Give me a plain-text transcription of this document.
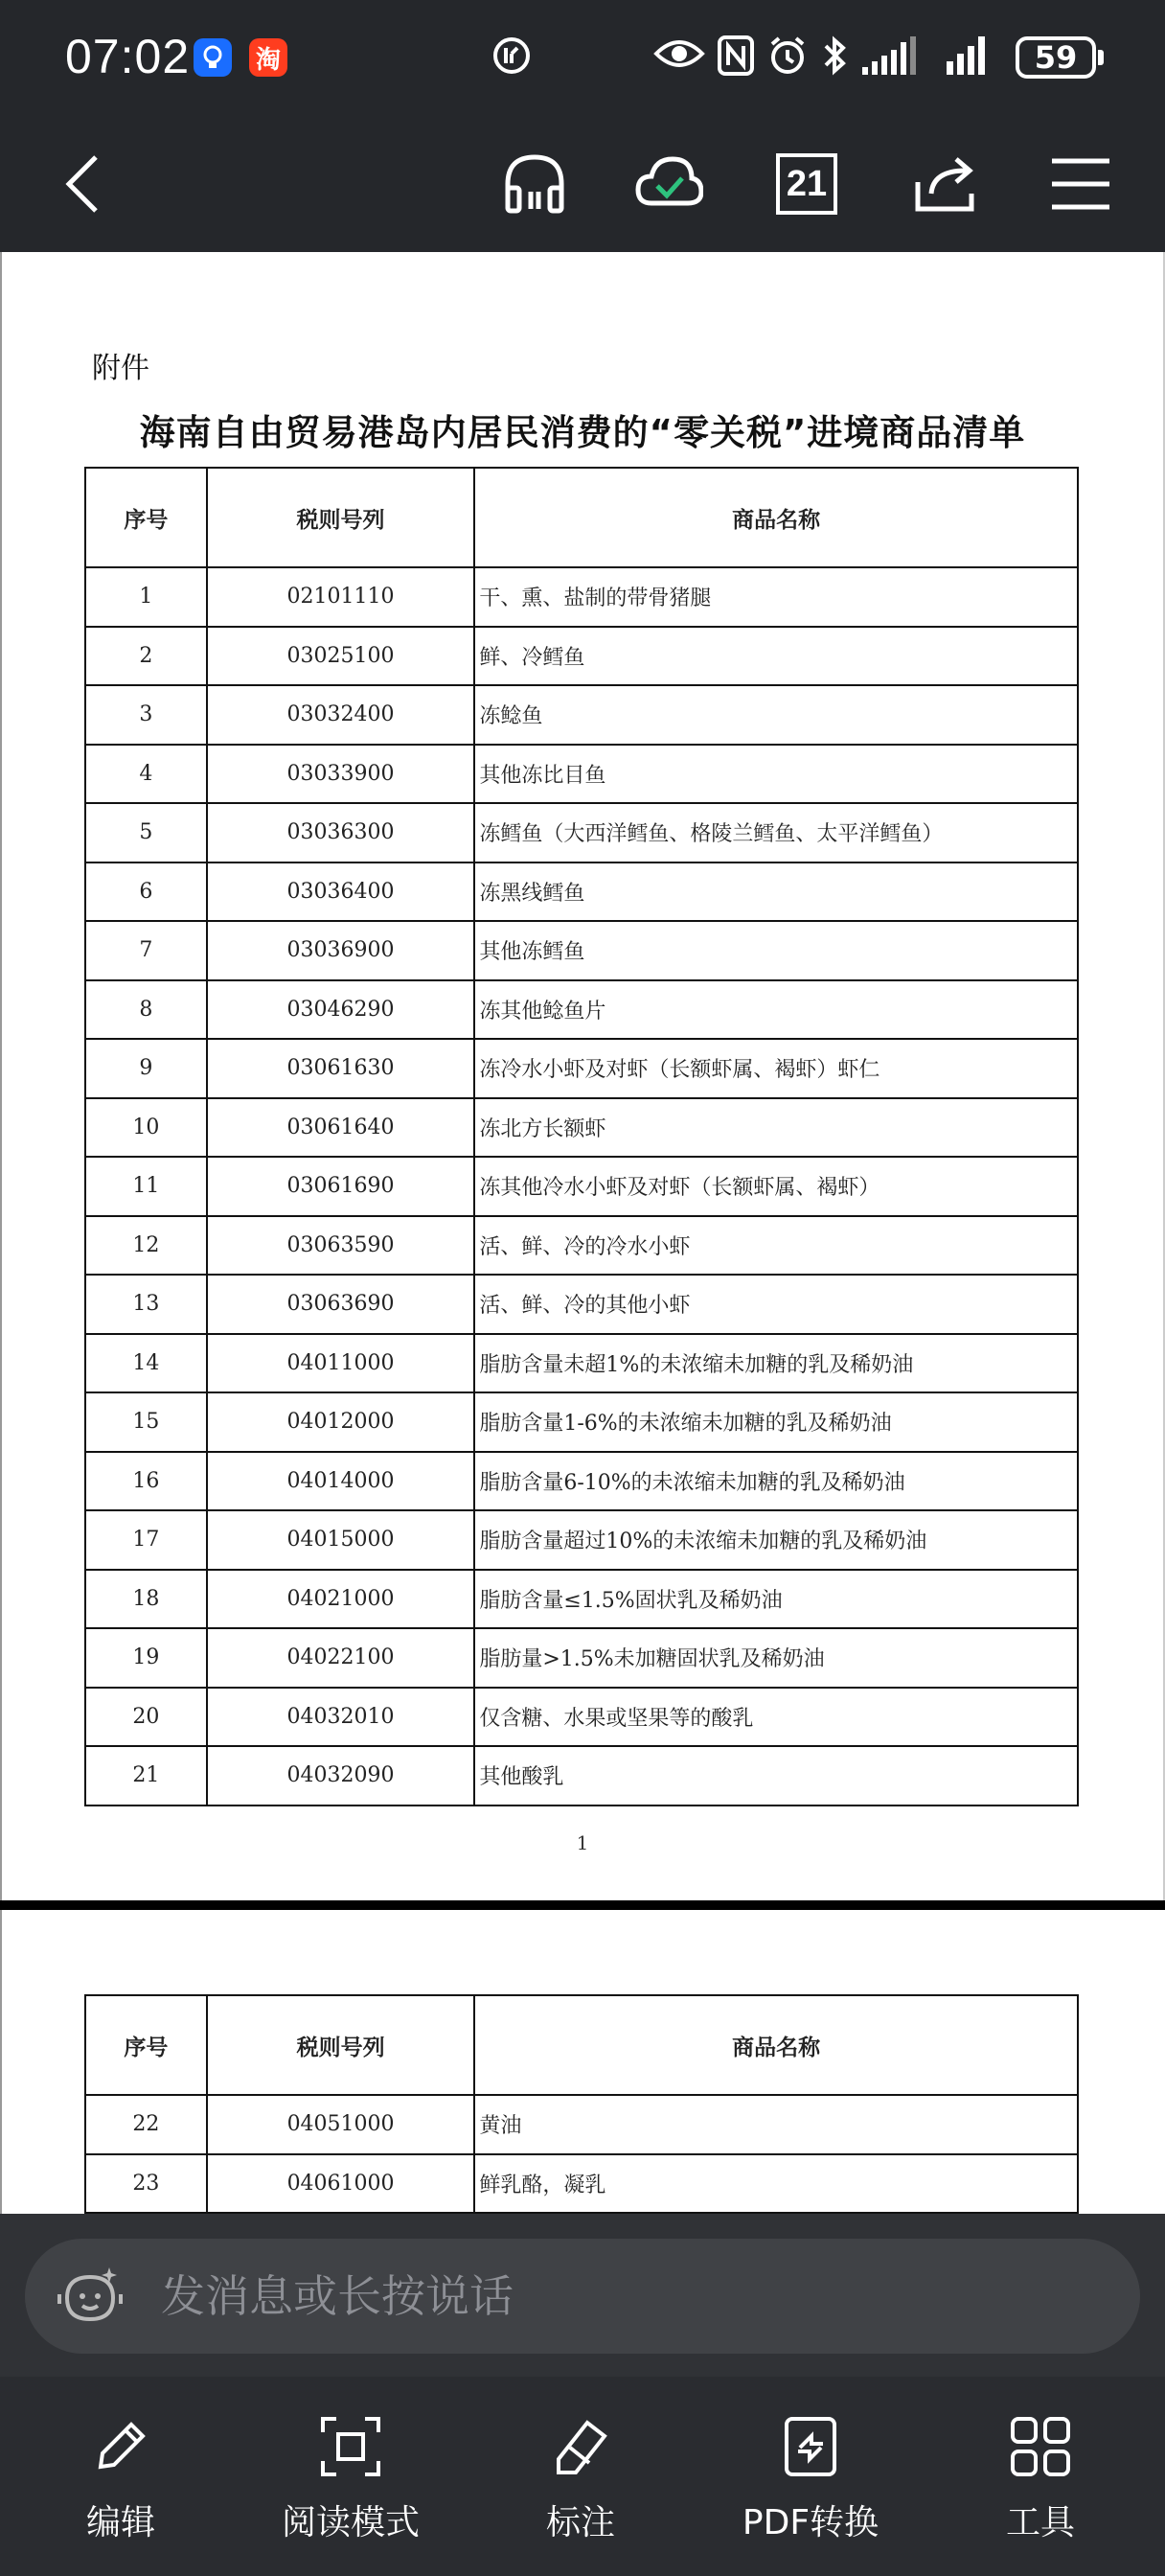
07:02	淘	59
21
附件
海南自由贸易港岛内居民消费的“零关税”进境商品清单
序号	税则号列	商品名称
1	02101110	干、熏、盐制的带骨猪腿
2	03025100	鲜、冷鳕鱼
3	03032400	冻鲶鱼
4	03033900	其他冻比目鱼
5	03036300	冻鳕鱼（大西洋鳕鱼、格陵兰鳕鱼、太平洋鳕鱼）
6	03036400	冻黑线鳕鱼
7	03036900	其他冻鳕鱼
8	03046290	冻其他鲶鱼片
9	03061630	冻冷水小虾及对虾（长额虾属、褐虾）虾仁
10	03061640	冻北方长额虾
11	03061690	冻其他冷水小虾及对虾（长额虾属、褐虾）
12	03063590	活、鲜、冷的冷水小虾
13	03063690	活、鲜、冷的其他小虾
14	04011000	脂肪含量未超1%的未浓缩未加糖的乳及稀奶油
15	04012000	脂肪含量1-6%的未浓缩未加糖的乳及稀奶油
16	04014000	脂肪含量6-10%的未浓缩未加糖的乳及稀奶油
17	04015000	脂肪含量超过10%的未浓缩未加糖的乳及稀奶油
18	04021000	脂肪含量≤1.5%固状乳及稀奶油
19	04022100	脂肪量>1.5%未加糖固状乳及稀奶油
20	04032010	仅含糖、水果或坚果等的酸乳
21	04032090	其他酸乳
1
序号	税则号列	商品名称
22	04051000	黄油
23	04061000	鲜乳酪，凝乳
发消息或长按说话
编辑	阅读模式	标注	PDF转换	工具
